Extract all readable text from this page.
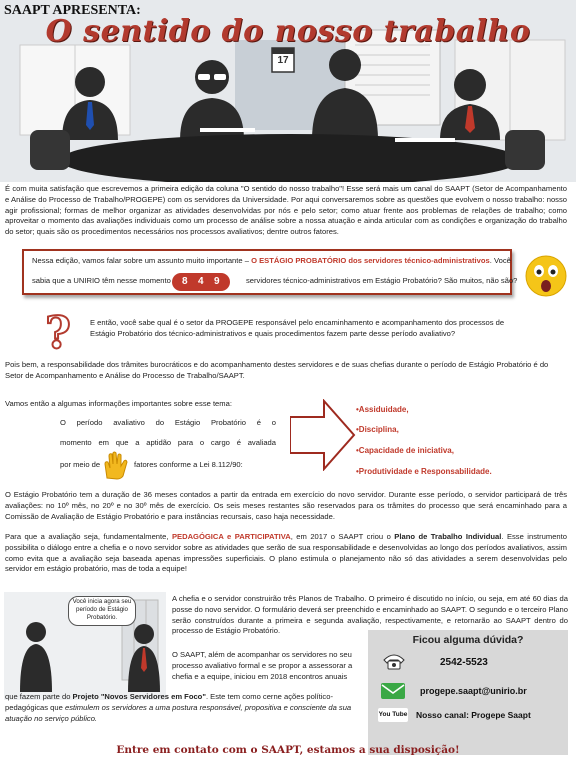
17
SAAPT APRESENTA:
O sentido do nosso trabalho
É com muita satisfação que escrevemos a primeira edição da coluna "O sentido do nosso trabalho"! Esse será mais um canal do SAAPT (Setor de Acompanhamento e Análise do Processo de Trabalho/PROGEPE) com os servidores da Universidade. Por aqui conversaremos sobre as questões que evolvem o nosso trabalho: nosso agir profissional; formas de melhor organizar as atividades desenvolvidas por nós e pelo setor; como atuar frente aos problemas de relações de trabalho; como aproveitar o momento das avaliações individuais como um processo de análise sobre a nossa atuação e ainda articular com as condições e organização do trabalho do setor; quais são os procedimentos necessários nos processos avaliativos; dentre outros fatores.
Nessa edição, vamos falar sobre um assunto muito importante – O ESTÁGIO PROBATÓRIO dos servidores técnico-administrativos. Você
sabia que a UNIRIO têm nesse momento 8 4 9	servidores técnico-administrativos em Estágio Probatório? São muitos, não são?
?	E então, você sabe qual é o setor da PROGEPE responsável pelo encaminhamento e acompanhamento dos processos de Estágio Probatório dos técnico-administrativos e quais procedimentos fazem parte desse período avaliativo?
Pois bem, a responsabilidade dos trâmites burocráticos e do acompanhamento destes servidores e de suas chefias durante o período de Estágio Probatório é do Setor de Acompanhamento e Análise do Processo de Trabalho/SAAPT.
Vamos então a algumas informações importantes sobre esse tema:
O período avaliativo do Estágio Probatório é o
momento em que a aptidão para o cargo é avaliada
por meio de	fatores conforme a Lei 8.112/90:
•Assiduidade,
•Disciplina,
•Capacidade de iniciativa,
•Produtividade e Responsabilidade.
O Estágio Probatório tem a duração de 36 meses contados a partir da entrada em exercício do novo servidor. Durante esse período, o servidor participará de três avaliações: no 10º mês, no 20º e no 30º mês de exercício. Os seis meses restantes são reservados para os trâmites do processo que será encaminhado para a Comissão de Avaliação de Estágio Probatório e para instâncias recursais, caso haja necessidade.
Para que a avaliação seja, fundamentalmente, PEDAGÓGICA e PARTICIPATIVA, em 2017 o SAAPT criou o Plano de Trabalho Individual. Esse instrumento possibilita o diálogo entre a chefia e o novo servidor sobre as atividades que serão de sua responsabilidade e desenvolvidas ao longo dos períodos avaliativos, assim como evita que a avaliação seja baseada apenas impressões superficiais. O plano estimula o planejamento não só das atividades a serem desenvolvidas pelo servidor em estágio probatório, mas de toda a equipe!
Você inicia agora seu período de Estágio Probatório.
A chefia e o servidor construirão três Planos de Trabalho. O primeiro é discutido no início, ou seja, em até 60 dias da posse do novo servidor. O formulário deverá ser preenchido e encaminhado ao SAAPT. O segundo e o terceiro Plano serão construídos durante a primeira e segunda avaliação, respectivamente, e retornarão ao SAAPT dentro do processo de Estágio Probatório.
O SAAPT, além de acompanhar os servidores no seu
processo avaliativo formal e se propor a assessorar a
chefia e a equipe, iniciou em 2018 encontros anuais
que fazem parte do Projeto "Novos Servidores em Foco". Este tem como cerne ações político- pedagógicas que estimulem os servidores a uma postura responsável, propositiva e consciente da sua atuação no serviço público.
Ficou alguma dúvida?
2542-5523
progepe.saapt@unirio.br
You Tube Nosso canal: Progepe Saapt
Entre em contato com o SAAPT, estamos a sua disposição!
